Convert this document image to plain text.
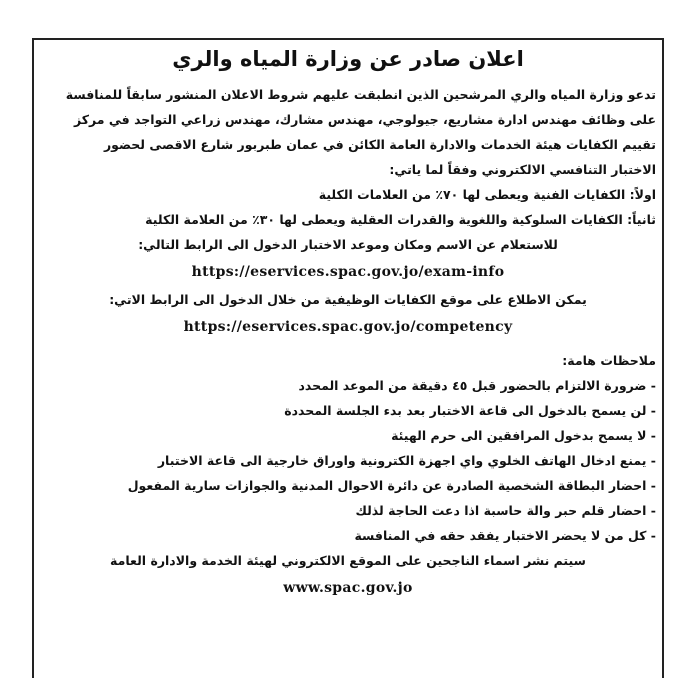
اعلان صادر عن وزارة المياه والري
تدعو وزارة المياه والري المرشحين الذين انطبقت عليهم شروط الاعلان المنشور سابقاً للمنافسة
على وظائف مهندس ادارة مشاريع، جيولوجي، مهندس مشارك، مهندس زراعي التواجد في مركز
تقييم الكفايات هيئة الخدمات والادارة العامة الكائن في عمان طبربور شارع الاقصى لحضور
الاختبار التنافسي الالكتروني وفقاً لما ياتي:
اولاً: الكفايات الفنية ويعطى لها ٧٠٪ من العلامات الكلية
ثانياً: الكفايات السلوكية واللغوية والقدرات العقلية ويعطى لها ٣٠٪ من العلامة الكلية
للاستعلام عن الاسم ومكان وموعد الاختبار الدخول الى الرابط التالي:
https://eservices.spac.gov.jo/exam-info
يمكن الاطلاع على موقع الكفايات الوظيفية من خلال الدخول الى الرابط الاتي:
https://eservices.spac.gov.jo/competency
ملاحظات هامة:
- ضرورة الالتزام بالحضور قبل ٤٥ دقيقة من الموعد المحدد
- لن يسمح بالدخول الى قاعة الاختبار بعد بدء الجلسة المحددة
- لا يسمح بدخول المرافقين الى حرم الهيئة
- يمنع ادخال الهاتف الخلوي واي اجهزة الكترونية واوراق خارجية الى قاعة الاختبار
- احضار البطاقة الشخصية الصادرة عن دائرة الاحوال المدنية والجوازات سارية المفعول
- احضار قلم حبر والة حاسبة اذا دعت الحاجة لذلك
- كل من لا يحضر الاختبار يفقد حقه في المنافسة
سيتم نشر اسماء الناجحين على الموقع الالكتروني لهيئة الخدمة والادارة العامة
www.spac.gov.jo
